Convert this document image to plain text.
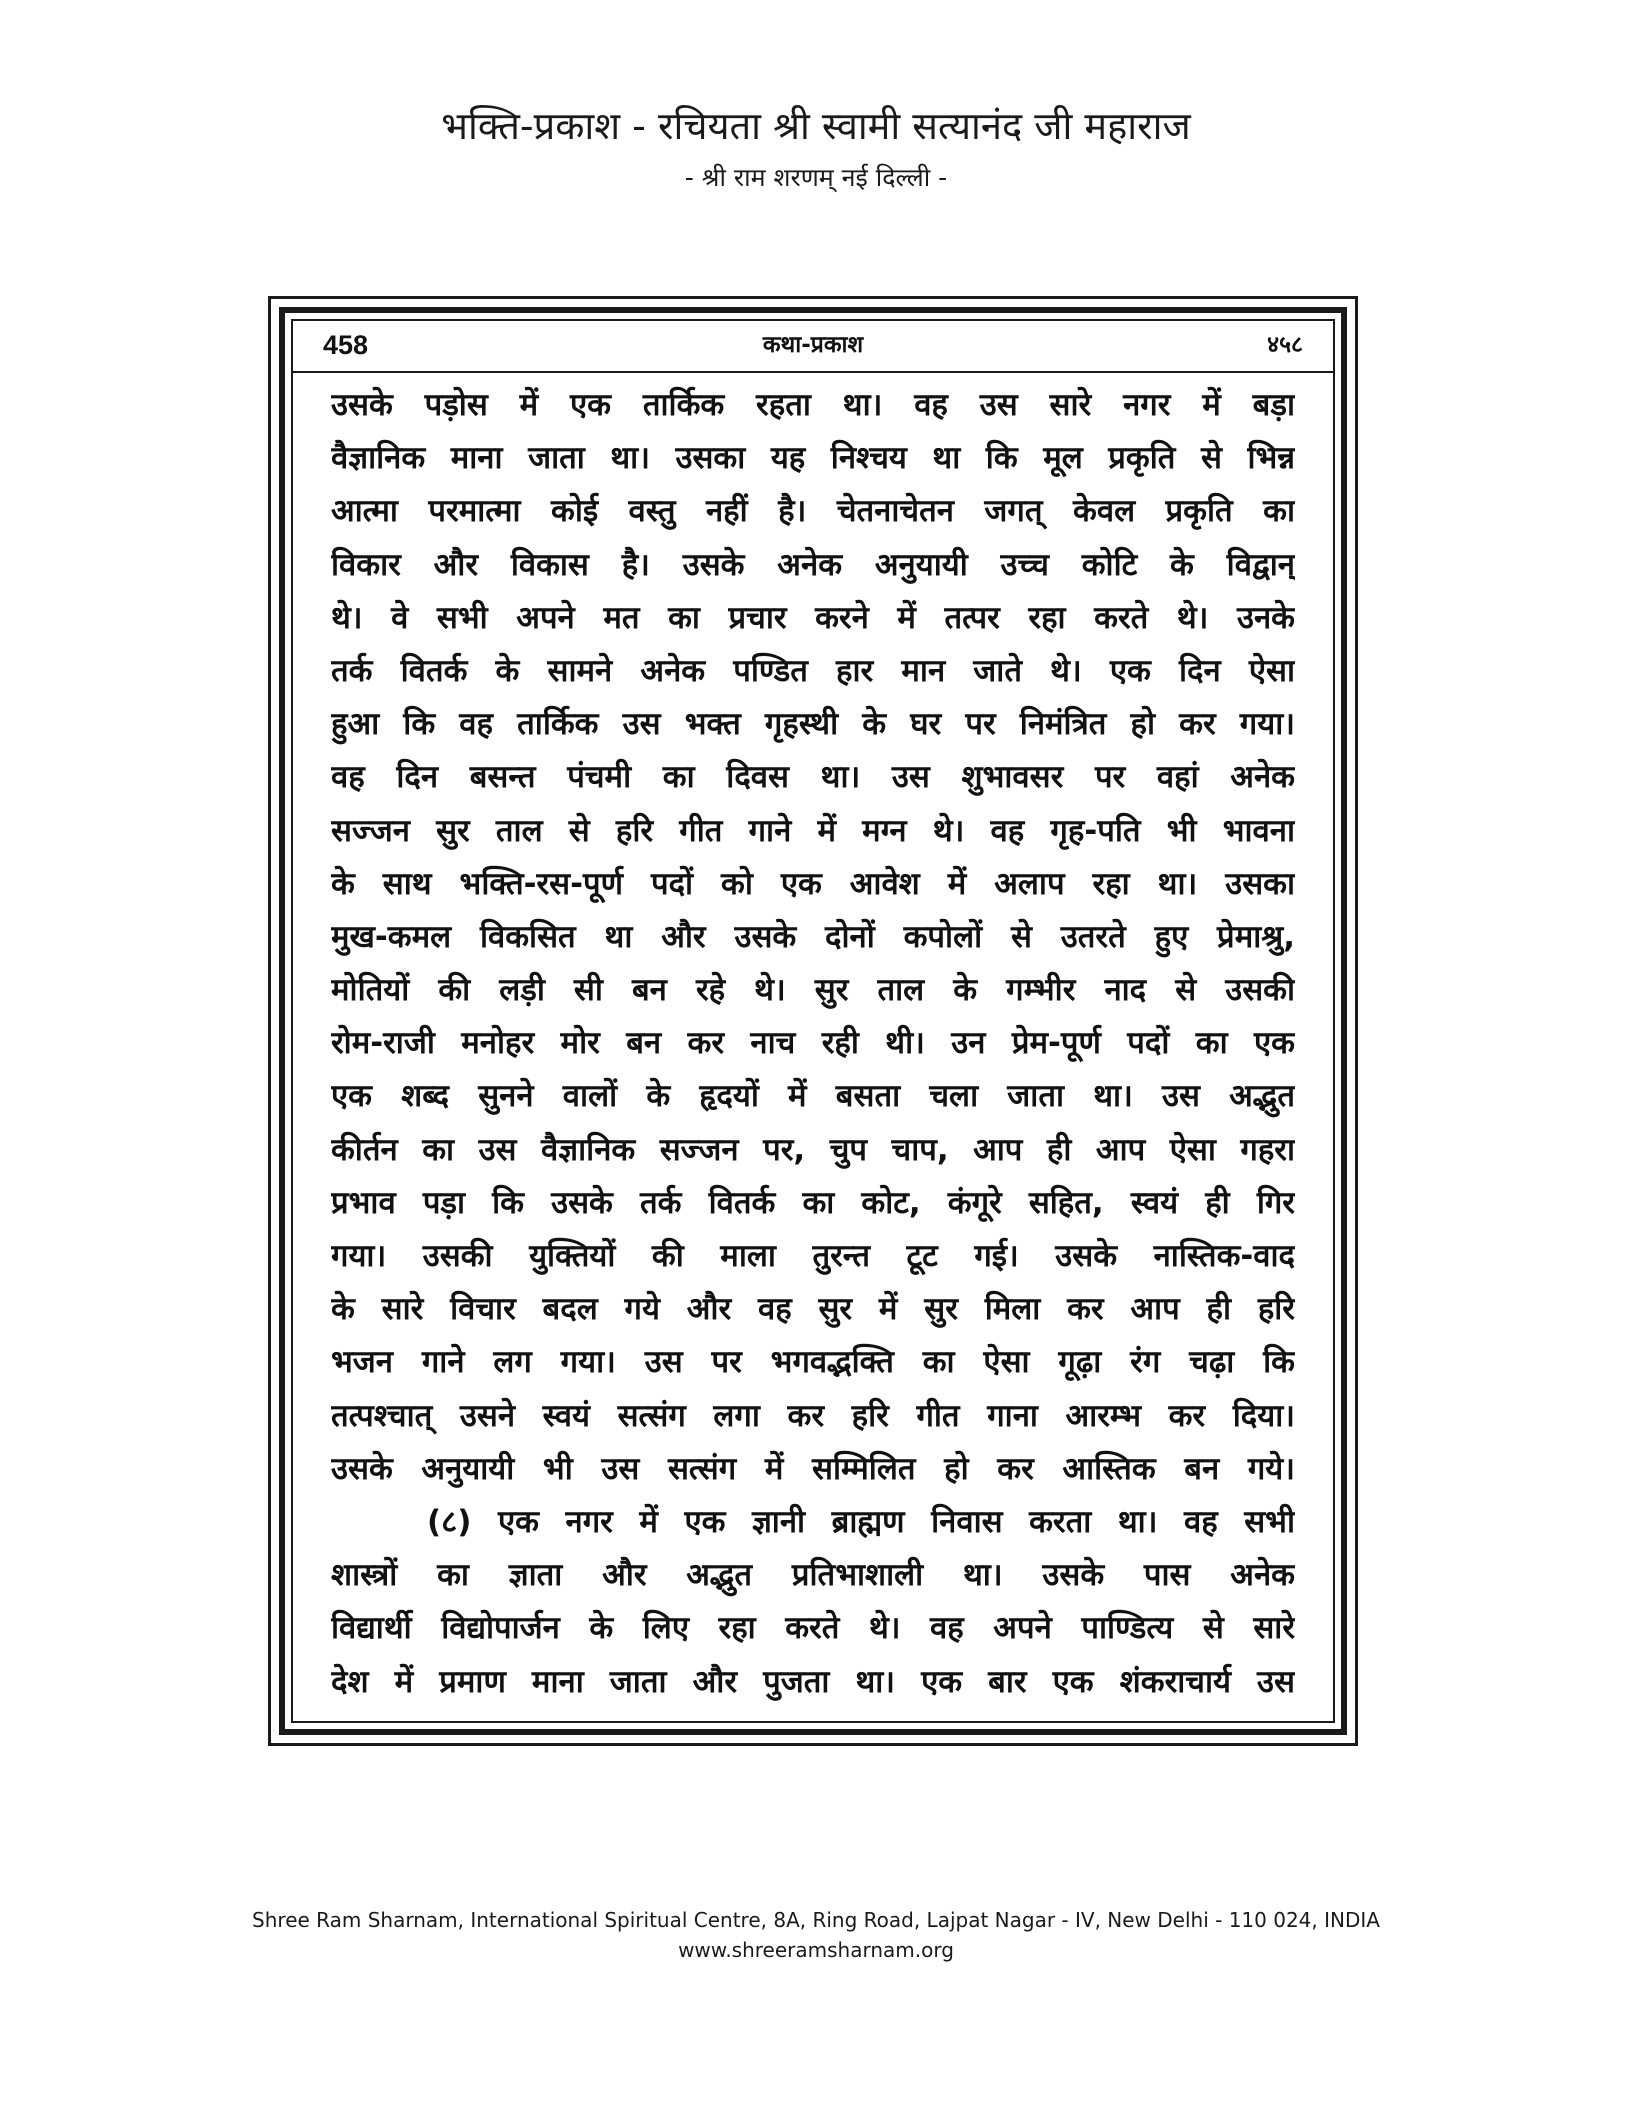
भक्ति-प्रकाश - रचियता श्री स्वामी सत्यानंद जी महाराज
- श्री राम शरणम् नई दिल्ली -
458	कथा-प्रकाश	४५८
उसके पड़ोस में एक तार्किक रहता था। वह उस सारे नगर में बड़ा
वैज्ञानिक माना जाता था। उसका यह निश्चय था कि मूल प्रकृति से भिन्न
आत्मा परमात्मा कोई वस्तु नहीं है। चेतनाचेतन जगत् केवल प्रकृति का
विकार और विकास है। उसके अनेक अनुयायी उच्च कोटि के विद्वान्
थे। वे सभी अपने मत का प्रचार करने में तत्पर रहा करते थे। उनके
तर्क वितर्क के सामने अनेक पण्डित हार मान जाते थे। एक दिन ऐसा
हुआ कि वह तार्किक उस भक्त गृहस्थी के घर पर निमंत्रित हो कर गया।
वह दिन बसन्त पंचमी का दिवस था। उस शुभावसर पर वहां अनेक
सज्जन सुर ताल से हरि गीत गाने में मग्न थे। वह गृह-पति भी भावना
के साथ भक्ति-रस-पूर्ण पदों को एक आवेश में अलाप रहा था। उसका
मुख-कमल विकसित था और उसके दोनों कपोलों से उतरते हुए प्रेमाश्रु,
मोतियों की लड़ी सी बन रहे थे। सुर ताल के गम्भीर नाद से उसकी
रोम-राजी मनोहर मोर बन कर नाच रही थी। उन प्रेम-पूर्ण पदों का एक
एक शब्द सुनने वालों के हृदयों में बसता चला जाता था। उस अद्भुत
कीर्तन का उस वैज्ञानिक सज्जन पर, चुप चाप, आप ही आप ऐसा गहरा
प्रभाव पड़ा कि उसके तर्क वितर्क का कोट, कंगूरे सहित, स्वयं ही गिर
गया। उसकी युक्तियों की माला तुरन्त टूट गई। उसके नास्तिक-वाद
के सारे विचार बदल गये और वह सुर में सुर मिला कर आप ही हरि
भजन गाने लग गया। उस पर भगवद्भक्ति का ऐसा गूढ़ा रंग चढ़ा कि
तत्पश्चात् उसने स्वयं सत्संग लगा कर हरि गीत गाना आरम्भ कर दिया।
उसके अनुयायी भी उस सत्संग में सम्मिलित हो कर आस्तिक बन गये।
(८) एक नगर में एक ज्ञानी ब्राह्मण निवास करता था। वह सभी
शास्त्रों का ज्ञाता और अद्भुत प्रतिभाशाली था। उसके पास अनेक
विद्यार्थी विद्योपार्जन के लिए रहा करते थे। वह अपने पाण्डित्य से सारे
देश में प्रमाण माना जाता और पुजता था। एक बार एक शंकराचार्य उस
Shree Ram Sharnam, International Spiritual Centre, 8A, Ring Road, Lajpat Nagar - IV, New Delhi - 110 024, INDIA
www.shreeramsharnam.org
